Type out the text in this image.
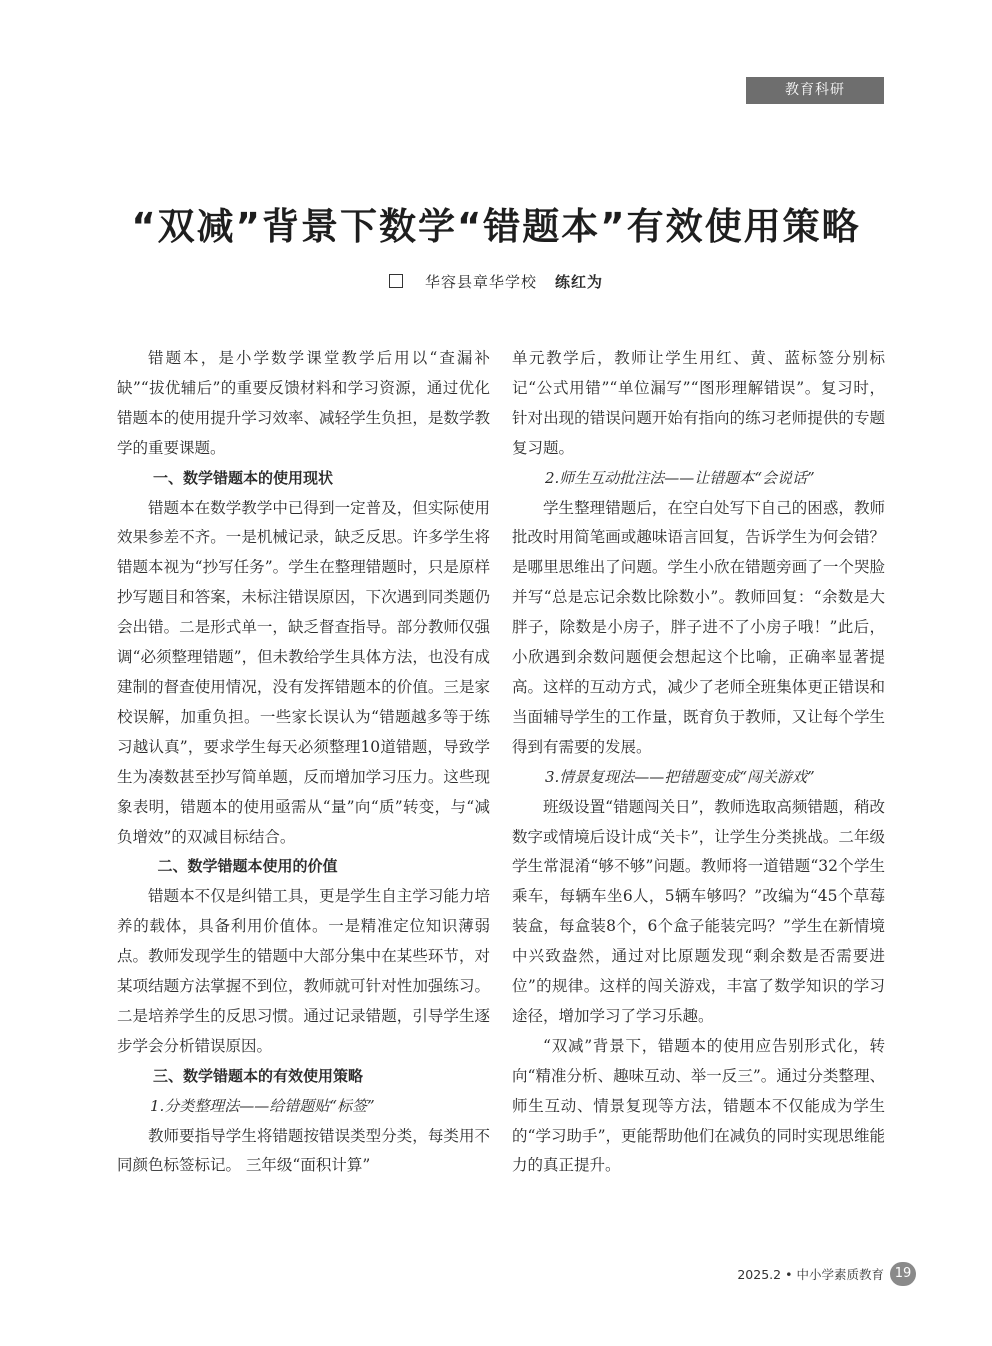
教育科研
“双减”背景下数学“错题本”有效使用策略
华容县章华学校 练红为

错题本，是小学数学课堂教学后用以“查漏补缺”“拔优辅后”的重要反馈材料和学习资源，通过优化错题本的使用提升学习效率、减轻学生负担，是数学教学的重要课题。

一、数学错题本的使用现状

错题本在数学教学中已得到一定普及，但实际使用效果参差不齐。一是机械记录，缺乏反思。许多学生将错题本视为“抄写任务”。学生在整理错题时，只是原样抄写题目和答案，未标注错误原因，下次遇到同类题仍会出错。二是形式单一，缺乏督查指导。部分教师仅强调“必须整理错题”，但未教给学生具体方法，也没有成建制的督查使用情况，没有发挥错题本的价值。三是家校误解，加重负担。一些家长误认为“错题越多等于练习越认真”，要求学生每天必须整理10道错题，导致学生为凑数甚至抄写简单题，反而增加学习压力。这些现象表明，错题本的使用亟需从“量”向“质”转变，与“减负增效”的双减目标结合。

二、数学错题本使用的价值

错题本不仅是纠错工具，更是学生自主学习能力培养的载体，具备利用价值体。一是精准定位知识薄弱点。教师发现学生的错题中大部分集中在某些环节，对某项结题方法掌握不到位，教师就可针对性加强练习。二是培养学生的反思习惯。通过记录错题，引导学生逐步学会分析错误原因。

三、数学错题本的有效使用策略
1.分类整理法——给错题贴“标签”

教师要指导学生将错题按错误类型分类，每类用不同颜色标签标记。 三年级“面积计算”

单元教学后，教师让学生用红、黄、蓝标签分别标记“公式用错”“单位漏写”“图形理解错误”。复习时，针对出现的错误问题开始有指向的练习老师提供的专题复习题。

2.师生互动批注法——让错题本“会说话”

学生整理错题后，在空白处写下自己的困惑，教师批改时用简笔画或趣味语言回复，告诉学生为何会错？是哪里思维出了问题。学生小欣在错题旁画了一个哭脸并写“总是忘记余数比除数小”。教师回复：“余数是大胖子，除数是小房子，胖子进不了小房子哦！”此后，小欣遇到余数问题便会想起这个比喻，正确率显著提高。这样的互动方式，减少了老师全班集体更正错误和当面辅导学生的工作量，既育负于教师，又让每个学生得到有需要的发展。

3.情景复现法——把错题变成“闯关游戏”

班级设置“错题闯关日”，教师选取高频错题，稍改数字或情境后设计成“关卡”，让学生分类挑战。二年级学生常混淆“够不够”问题。教师将一道错题“32个学生乘车，每辆车坐6人，5辆车够吗？”改编为“45个草莓装盒，每盒装8个，6个盒子能装完吗？”学生在新情境中兴致盎然，通过对比原题发现“剩余数是否需要进位”的规律。这样的闯关游戏，丰富了数学知识的学习途径，增加学习了学习乐趣。

“双减”背景下，错题本的使用应告别形式化，转向“精准分析、趣味互动、举一反三”。通过分类整理、师生互动、情景复现等方法，错题本不仅能成为学生的“学习助手”，更能帮助他们在减负的同时实现思维能力的真正提升。

2025.2 • 中小学素质教育 19
